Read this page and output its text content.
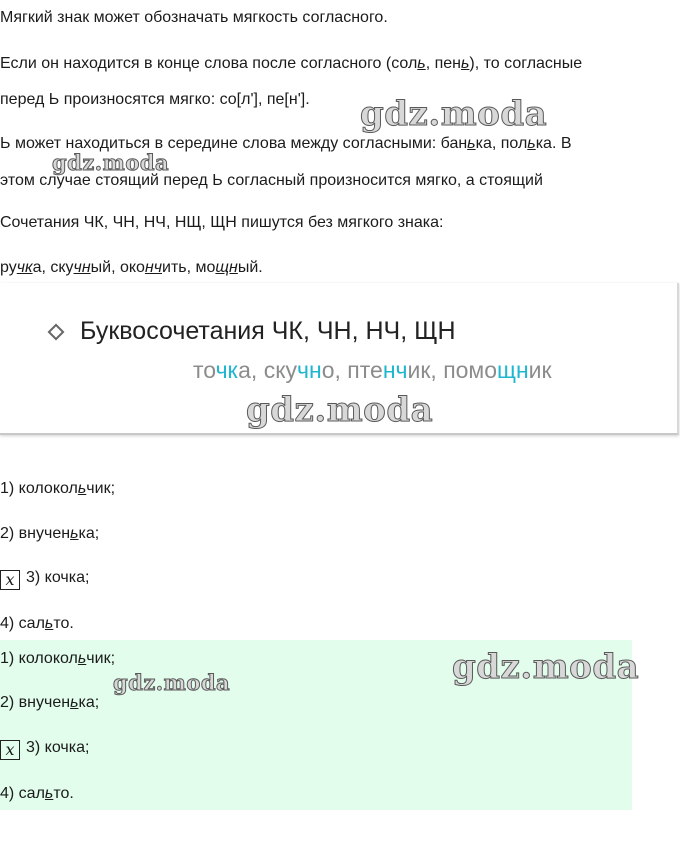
Мягкий знак может обозначать мягкость согласного.
Если он находится в конце слова после согласного (соль, пень), то согласные
перед Ь произносятся мягко: со[л'], пе[н'].
Ь может находиться в середине слова между согласными: банька, полька. В
этом случае стоящий перед Ь согласный произносится мягко, а стоящий
Сочетания ЧК, ЧН, НЧ, НЩ, ЩН пишутся без мягкого знака:
ручка, скучный, окончить, мощный.
Буквосочетания ЧК, ЧН, НЧ, ЩН
точка, скучно, птенчик, помощник
1) колокольчик;
2) внученька;
x 3) кочка;
4) сальто.
1) колокольчик;
2) внученька;
x 3) кочка;
4) сальто.
gdz.moda
gdz.moda
gdz.moda
gdz.moda
gdz.moda
